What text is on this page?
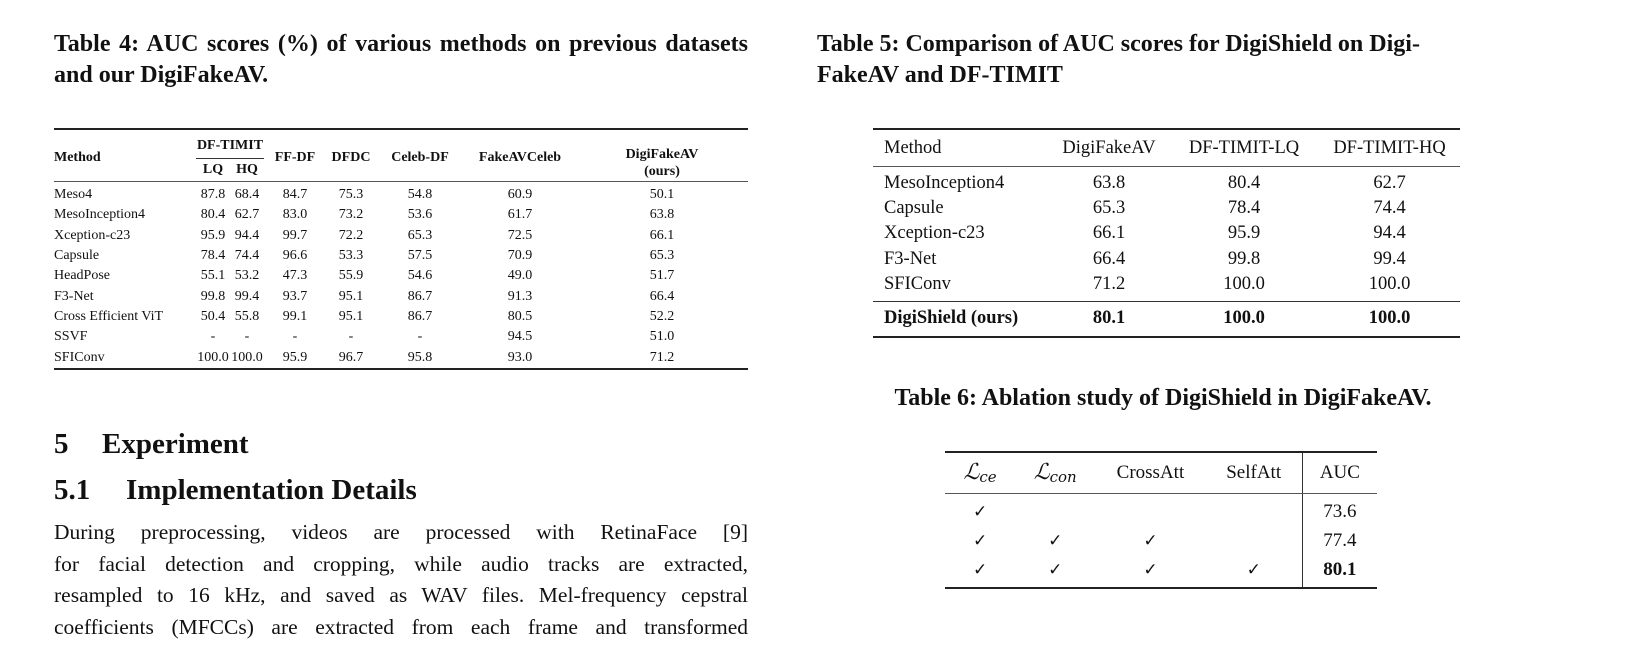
Table 4: AUC scores (%) of various methods on previous datasets and our DigiFakeAV.
Method	DF-TIMIT		FF-DF	DFDC	Celeb-DF	FakeAVCeleb	DigiFakeAV
(ours)

	LQ	HQ					
Meso4	87.8	68.4	84.7	75.3	54.8	60.9	50.1
MesoInception4	80.4	62.7	83.0	73.2	53.6	61.7	63.8
Xception-c23	95.9	94.4	99.7	72.2	65.3	72.5	66.1
Capsule	78.4	74.4	96.6	53.3	57.5	70.9	65.3
HeadPose	55.1	53.2	47.3	55.9	54.6	49.0	51.7
F3-Net	99.8	99.4	93.7	95.1	86.7	91.3	66.4
Cross Efficient ViT	50.4	55.8	99.1	95.1	86.7	80.5	52.2
SSVF	-	-	-	-	-	94.5	51.0
SFIConv	100.0	100.0	95.9	96.7	95.8	93.0	71.2
5 Experiment
5.1 Implementation Details
During preprocessing, videos are processed with RetinaFace [9]
for facial detection and cropping, while audio tracks are extracted,
resampled to 16 kHz, and saved as WAV files. Mel-frequency cepstral
coefficients (MFCCs) are extracted from each frame and transformed
Table 5: Comparison of AUC scores for DigiShield on Digi-
FakeAV and DF-TIMIT
Method	DigiFakeAV	DF-TIMIT-LQ	DF-TIMIT-HQ
MesoInception4	63.8	80.4	62.7
Capsule	65.3	78.4	74.4
Xception-c23	66.1	95.9	94.4
F3-Net	66.4	99.8	99.4
SFIConv	71.2	100.0	100.0
DigiShield (ours)	80.1	100.0	100.0
Table 6: Ablation study of DigiShield in DigiFakeAV.
ℒ$_{ce}$	ℒ$_{con}$	CrossAtt	SelfAtt	AUC
✓				73.6
✓	✓	✓		77.4
✓	✓	✓	✓	80.1
